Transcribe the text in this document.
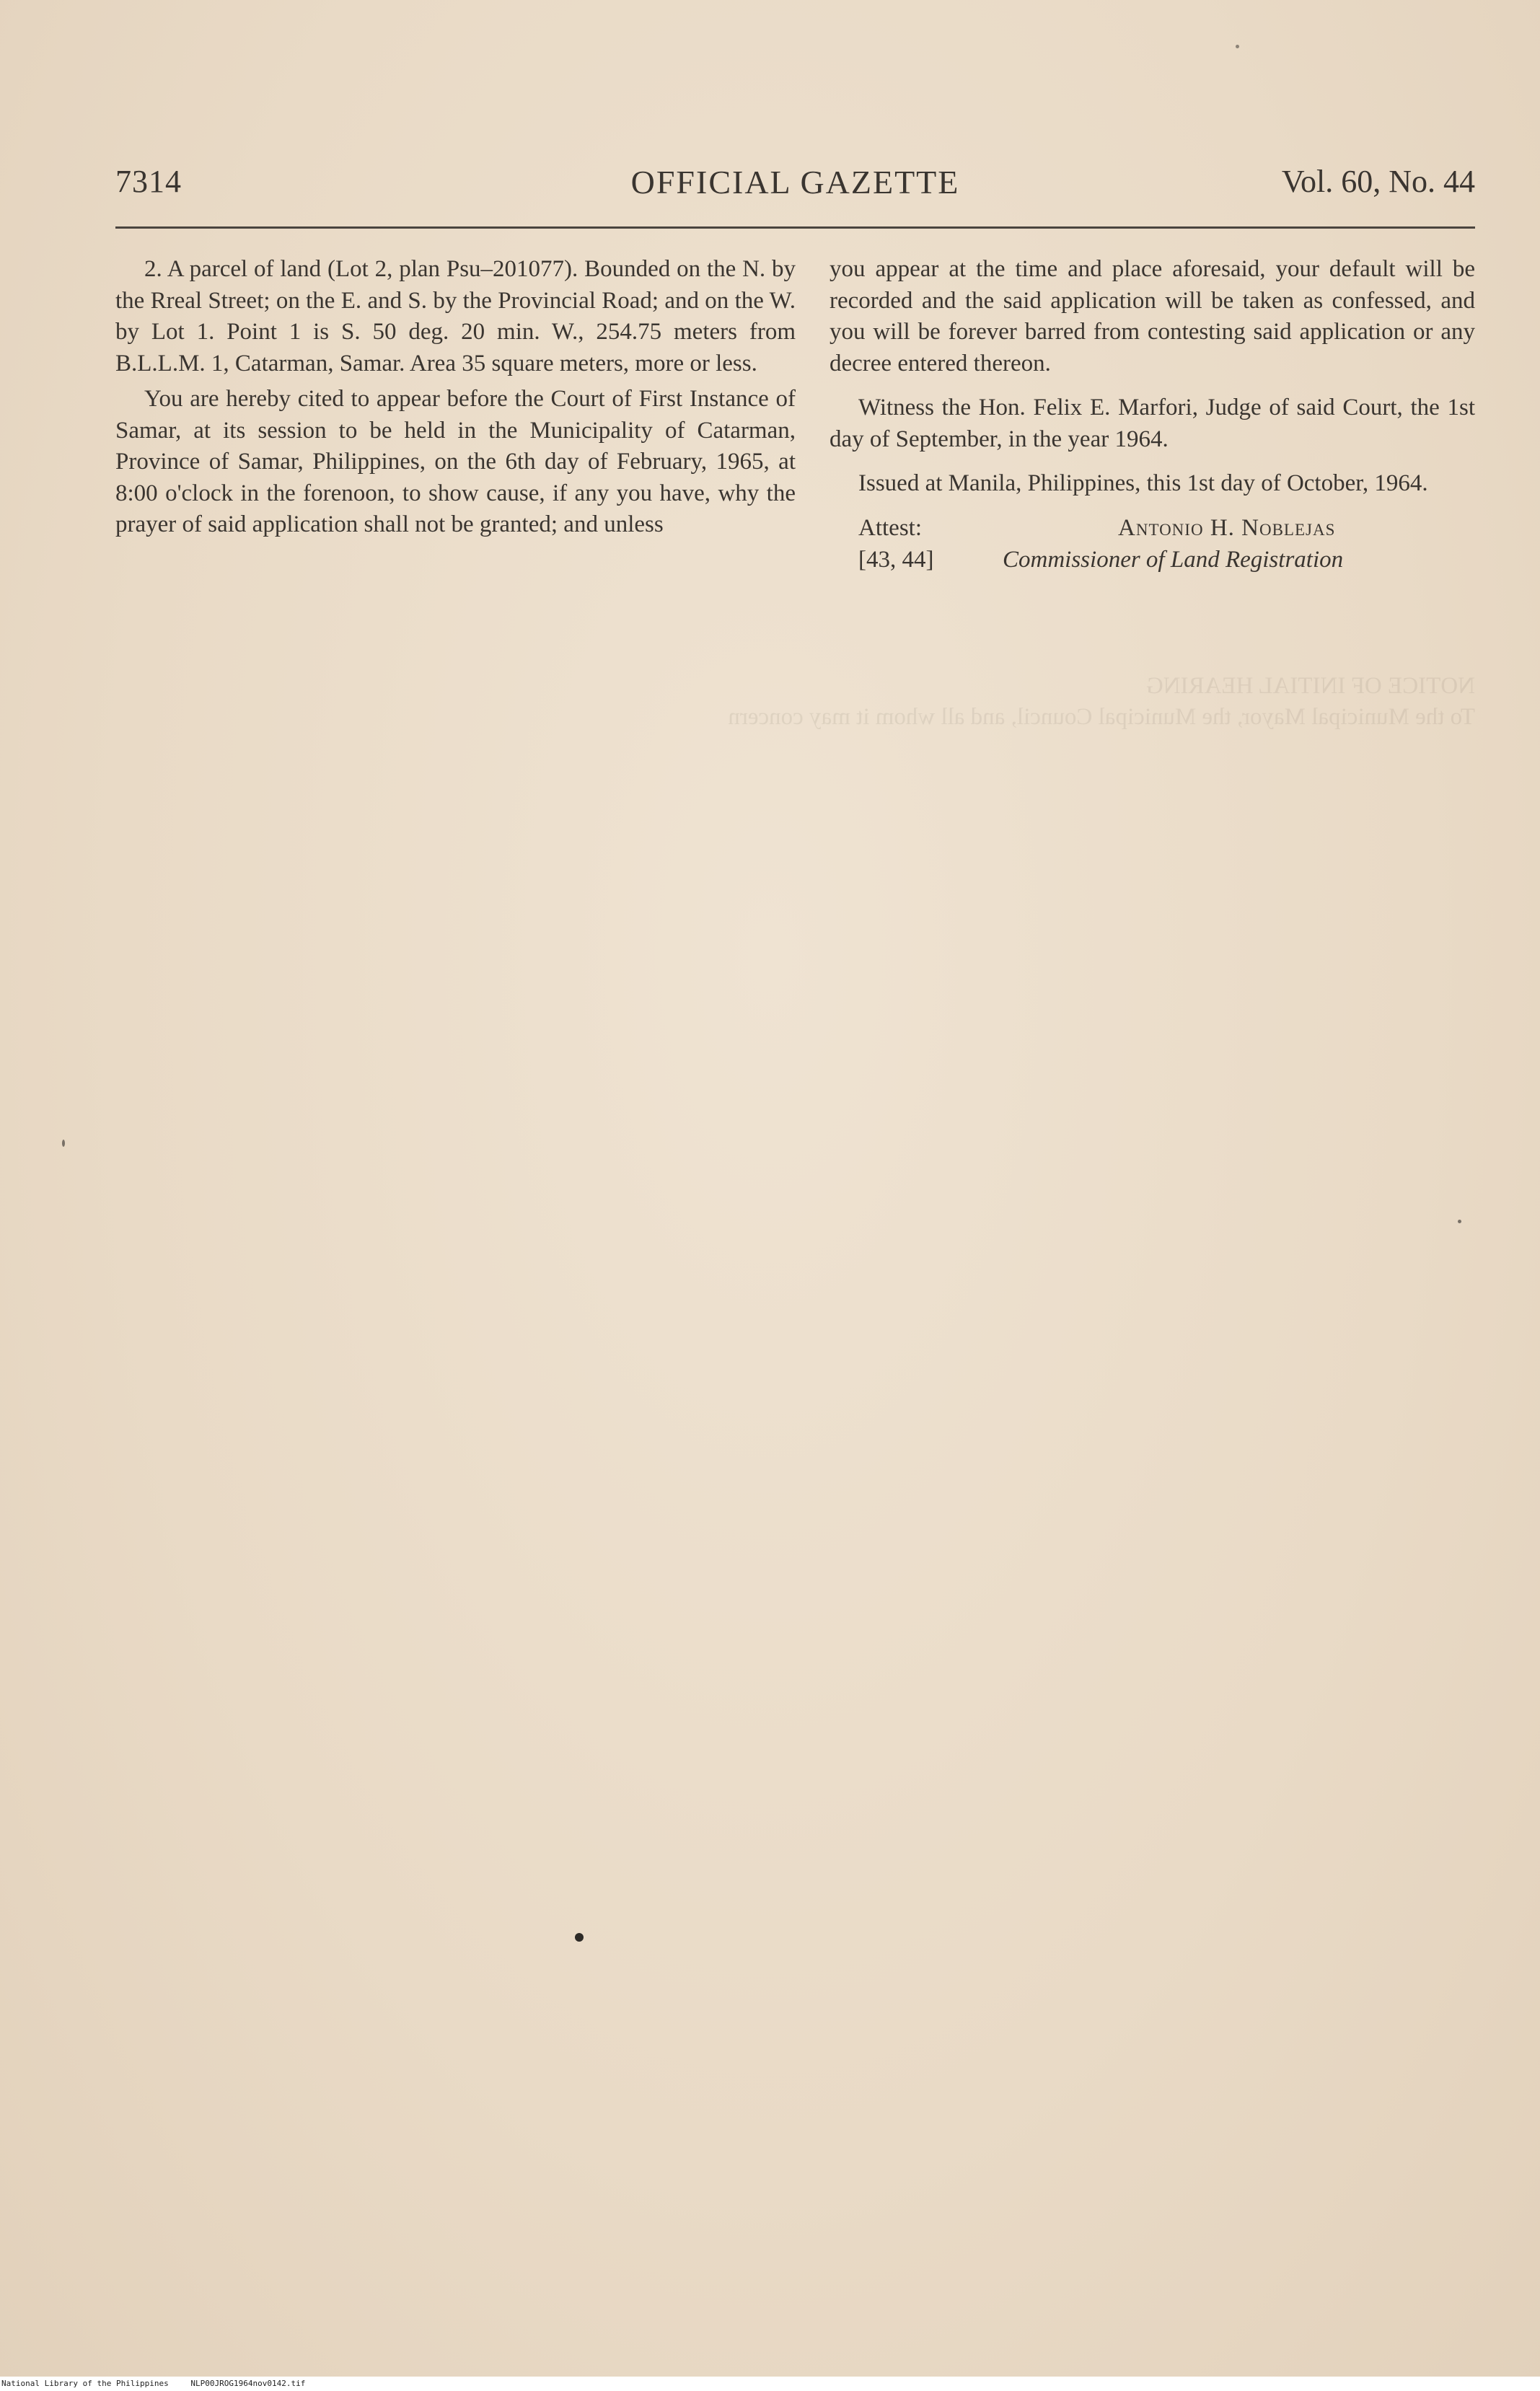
NOTICE OF INITIAL HEARING
To the Municipal Mayor, the Municipal Council, and all whom it may concern

7314	OFFICIAL GAZETTE	Vol. 60, No. 44

2. A parcel of land (Lot 2, plan Psu–201077). Bounded on the N. by the Rreal Street; on the E. and S. by the Provincial Road; and on the W. by Lot 1. Point 1 is S. 50 deg. 20 min. W., 254.75 meters from B.L.L.M. 1, Catarman, Samar. Area 35 square meters, more or less.

You are hereby cited to appear before the Court of First Instance of Samar, at its session to be held in the Municipality of Catarman, Province of Samar, Philippines, on the 6th day of February, 1965, at 8:00 o'clock in the forenoon, to show cause, if any you have, why the prayer of said application shall not be granted; and unless

you appear at the time and place aforesaid, your default will be recorded and the said application will be taken as confessed, and you will be forever barred from contesting said application or any decree entered thereon.

Witness the Hon. Felix E. Marfori, Judge of said Court, the 1st day of September, in the year 1964.

Issued at Manila, Philippines, this 1st day of October, 1964.

Attest:	Antonio H. Noblejas
[43, 44]	Commissioner of Land Registration
National Library of the Philippines	NLP00JROG1964nov0142.tif
